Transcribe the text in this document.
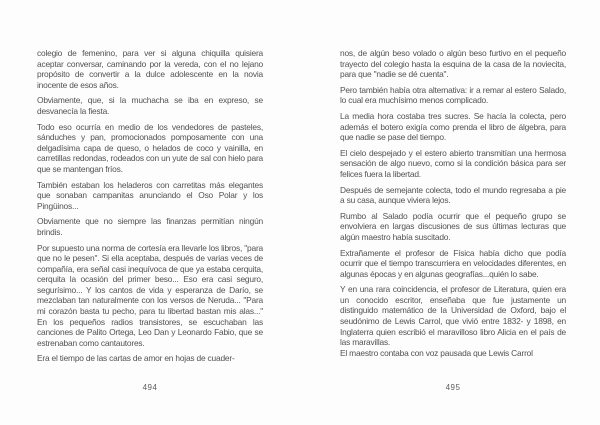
colegio de femenino, para ver si alguna chiquilla quisiera aceptar conversar, caminando por la vereda, con el no lejano propósito de convertir a la dulce adolescente en la novia inocente de esos años.

Obviamente, que, si la muchacha se iba en expreso, se desvanecía la fiesta.

Todo eso ocurría en medio de los vendedores de pasteles, sánduches y pan, promocionados pomposamente con una delgadísima capa de queso, o helados de coco y vainilla, en carretillas redondas, rodeados con un yute de sal con hielo para que se mantengan fríos.

También estaban los heladeros con carretitas más elegantes que sonaban campanitas anunciando el Oso Polar y los Pingüinos...

Obviamente que no siempre las finanzas permitían ningún brindis.

Por supuesto una norma de cortesía era llevarle los libros, "para que no le pesen". Si ella aceptaba, después de varias veces de compañía, era señal casi inequívoca de que ya estaba cerquita, cerquita la ocasión del primer beso... Eso era casi seguro, segurísimo... Y los cantos de vida y esperanza de Darío, se mezclaban tan naturalmente con los versos de Neruda... "Para mi corazón basta tu pecho, para tu libertad bastan mis alas..." En los pequeños radios transistores, se escuchaban las canciones de Palito Ortega, Leo Dan y Leonardo Fabio, que se estrenaban como cantautores.

Era el tiempo de las cartas de amor en hojas de cuader-

494

nos, de algún beso volado o algún beso furtivo en el pequeño trayecto del colegio hasta la esquina de la casa de la noviecita, para que "nadie se dé cuenta".

Pero también había otra alternativa: ir a remar al estero Salado, lo cual era muchísimo menos complicado.

La media hora costaba tres sucres. Se hacía la colecta, pero además el botero exigía como prenda el libro de álgebra, para que nadie se pase del tiempo.

El cielo despejado y el estero abierto transmitían una hermosa sensación de algo nuevo, como si la condición básica para ser felices fuera la libertad.

Después de semejante colecta, todo el mundo regresaba a pie a su casa, aunque viviera lejos.

Rumbo al Salado podía ocurrir que el pequeño grupo se envolviera en largas discusiones de sus últimas lecturas que algún maestro había suscitado.

Extrañamente el profesor de Física había dicho que podía ocurrir que el tiempo transcurriera en velocidades diferentes, en algunas épocas y en algunas geografías...quién lo sabe.

Y en una rara coincidencia, el profesor de Literatura, quien era un conocido escritor, enseñaba que fue justamente un distinguido matemático de la Universidad de Oxford, bajo el seudónimo de Lewis Carrol, que vivió entre 1832- y 1898, en Inglaterra quien escribió el maravilloso libro Alicia en el país de las maravillas.

El maestro contaba con voz pausada que Lewis Carrol

495
